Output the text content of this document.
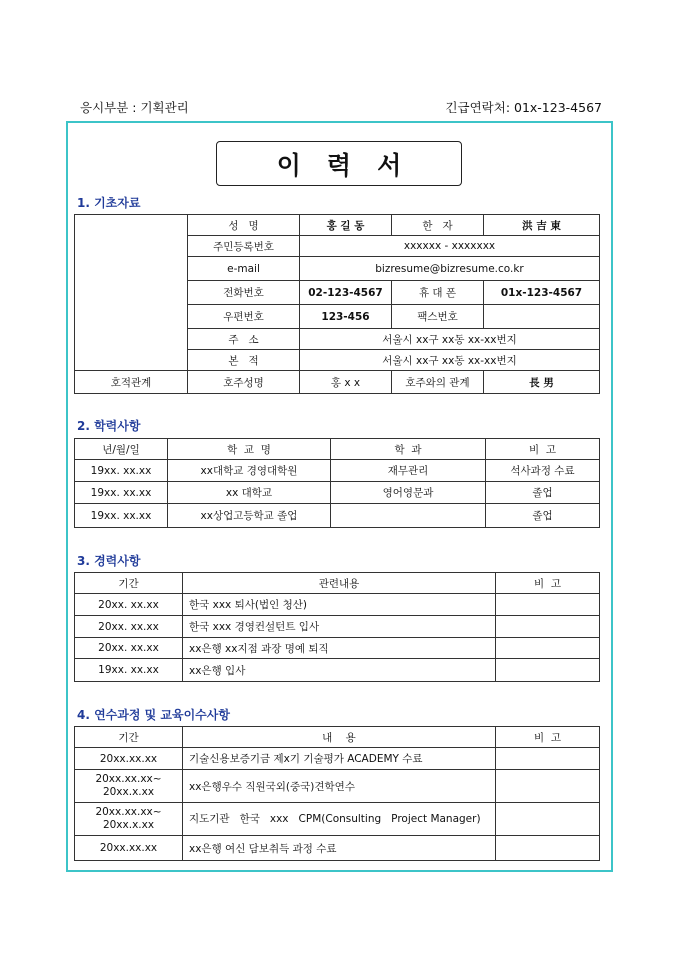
응시부분 : 기획관리	긴급연락처: 01x-123-4567
이력서
1. 기초자료
	성   명	홍 길 동	한   자	洪 吉 東
	주민등록번호	xxxxxx - xxxxxxx		
	e-mail	bizresume@bizresume.co.kr		
	전화번호	02-123-4567	휴 대 폰	01x-123-4567
	우편번호	123-456	팩스번호	
	주   소	서울시 xx구 xx동 xx-xx번지		
	본   적	서울시 xx구 xx동 xx-xx번지		
호적관계	호주성명	홍 x x	호주와의 관계	長 男
2. 학력사항
년/월/일	학  교  명	학  과	비  고
19xx. xx.xx	xx대학교 경영대학원	재무관리	석사과정 수료
19xx. xx.xx	xx 대학교	영어영문과	졸업
19xx. xx.xx	xx상업고등학교 졸업		졸업
3. 경력사항
기간	관련내용	비  고
20xx. xx.xx	한국 xxx 퇴사(법인 청산)	
20xx. xx.xx	한국 xxx 경영컨설턴트 입사	
20xx. xx.xx	xx은행 xx지점 과장 명예 퇴직	
19xx. xx.xx	xx은행 입사	
4. 연수과정 및 교육이수사항
기간	내    용	비  고
20xx.xx.xx	기술신용보증기금 제x기 기술평가 ACADEMY 수료	
20xx.xx.xx~
20xx.x.xx	xx은행우수 직원국외(중국)견학연수	
20xx.xx.xx~
20xx.x.xx	지도기관   한국   xxx   CPM(Consulting   Project Manager)	
20xx.xx.xx	xx은행 여신 담보취득 과정 수료	
